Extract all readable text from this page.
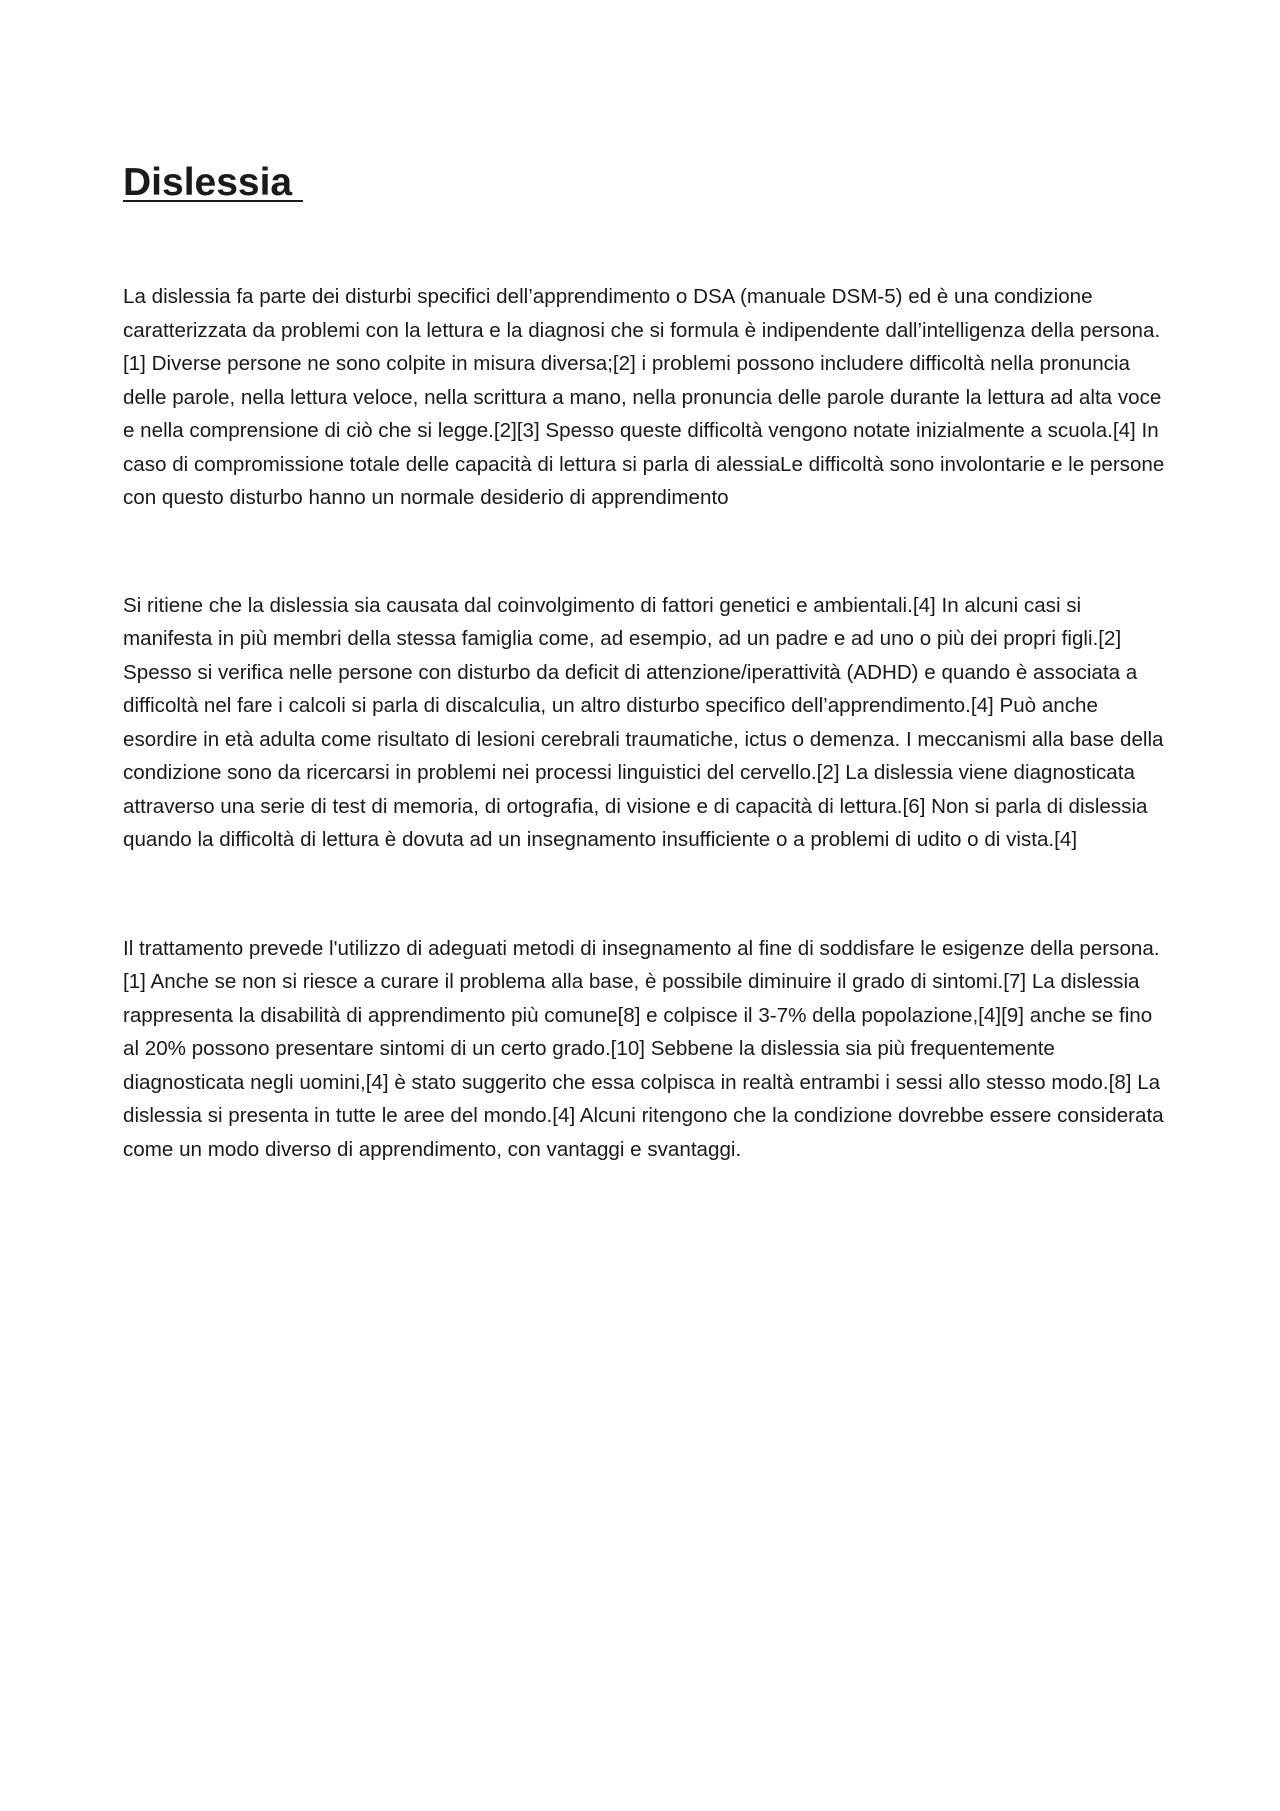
Dislessia

La dislessia fa parte dei disturbi specifici dell’apprendimento o DSA (manuale DSM-5) ed è una condizione caratterizzata da problemi con la lettura e la diagnosi che si formula è indipendente dall’intelligenza della persona.[1] Diverse persone ne sono colpite in misura diversa;[2] i problemi possono includere difficoltà nella pronuncia delle parole, nella lettura veloce, nella scrittura a mano, nella pronuncia delle parole durante la lettura ad alta voce e nella comprensione di ciò che si legge.[2][3] Spesso queste difficoltà vengono notate inizialmente a scuola.[4] In caso di compromissione totale delle capacità di lettura si parla di alessiaLe difficoltà sono involontarie e le persone con questo disturbo hanno un normale desiderio di apprendimento

Si ritiene che la dislessia sia causata dal coinvolgimento di fattori genetici e ambientali.[4] In alcuni casi si manifesta in più membri della stessa famiglia come, ad esempio, ad un padre e ad uno o più dei propri figli.[2] Spesso si verifica nelle persone con disturbo da deficit di attenzione/iperattività (ADHD) e quando è associata a difficoltà nel fare i calcoli si parla di discalculia, un altro disturbo specifico dell’apprendimento.[4] Può anche esordire in età adulta come risultato di lesioni cerebrali traumatiche, ictus o demenza. I meccanismi alla base della condizione sono da ricercarsi in problemi nei processi linguistici del cervello.[2] La dislessia viene diagnosticata attraverso una serie di test di memoria, di ortografia, di visione e di capacità di lettura.[6] Non si parla di dislessia quando la difficoltà di lettura è dovuta ad un insegnamento insufficiente o a problemi di udito o di vista.[4]

Il trattamento prevede l'utilizzo di adeguati metodi di insegnamento al fine di soddisfare le esigenze della persona.[1] Anche se non si riesce a curare il problema alla base, è possibile diminuire il grado di sintomi.[7] La dislessia rappresenta la disabilità di apprendimento più comune[8] e colpisce il 3-7% della popolazione,[4][9] anche se fino al 20% possono presentare sintomi di un certo grado.[10] Sebbene la dislessia sia più frequentemente diagnosticata negli uomini,[4] è stato suggerito che essa colpisca in realtà entrambi i sessi allo stesso modo.[8] La dislessia si presenta in tutte le aree del mondo.[4] Alcuni ritengono che la condizione dovrebbe essere considerata come un modo diverso di apprendimento, con vantaggi e svantaggi.
